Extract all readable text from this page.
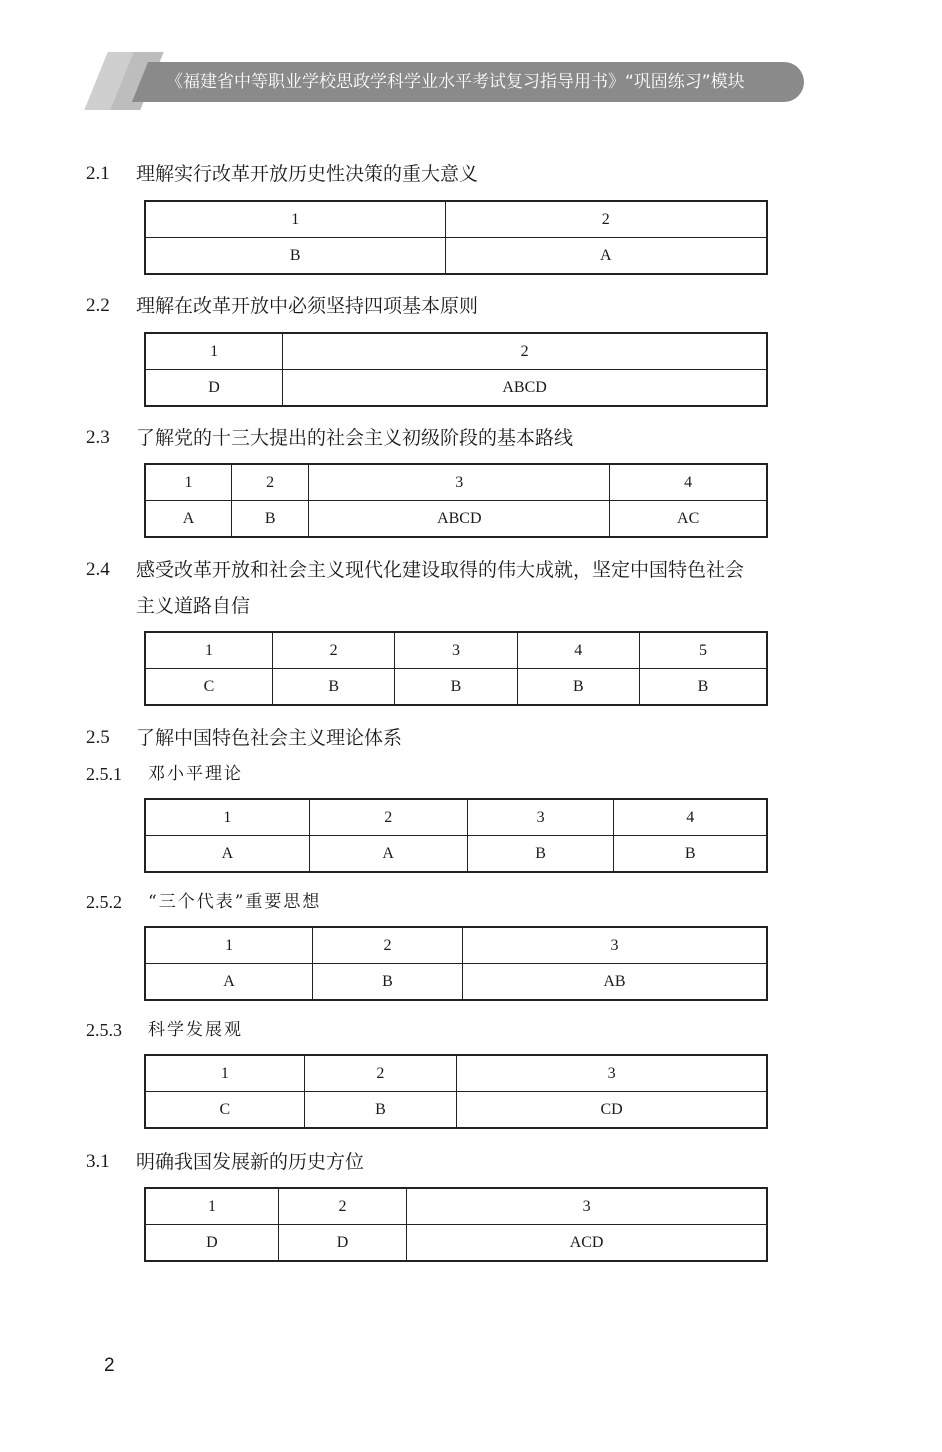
《福建省中等职业学校思政学科学业水平考试复习指导用书》“巩固练习”模块
2.1 理解实行改革开放历史性决策的重大意义
1	2
B	A
2.2 理解在改革开放中必须坚持四项基本原则
1	2
D	ABCD
2.3 了解党的十三大提出的社会主义初级阶段的基本路线
1	2	3	4
A	B	ABCD	AC
2.4 感受改革开放和社会主义现代化建设取得的伟大成就，坚定中国特色社会
主义道路自信
1	2	3	4	5
C	B	B	B	B
2.5 了解中国特色社会主义理论体系
2.5.1 邓小平理论
1	2	3	4
A	A	B	B
2.5.2 “三个代表”重要思想
1	2	3
A	B	AB
2.5.3 科学发展观
1	2	3
C	B	CD
3.1 明确我国发展新的历史方位
1	2	3
D	D	ACD
2
